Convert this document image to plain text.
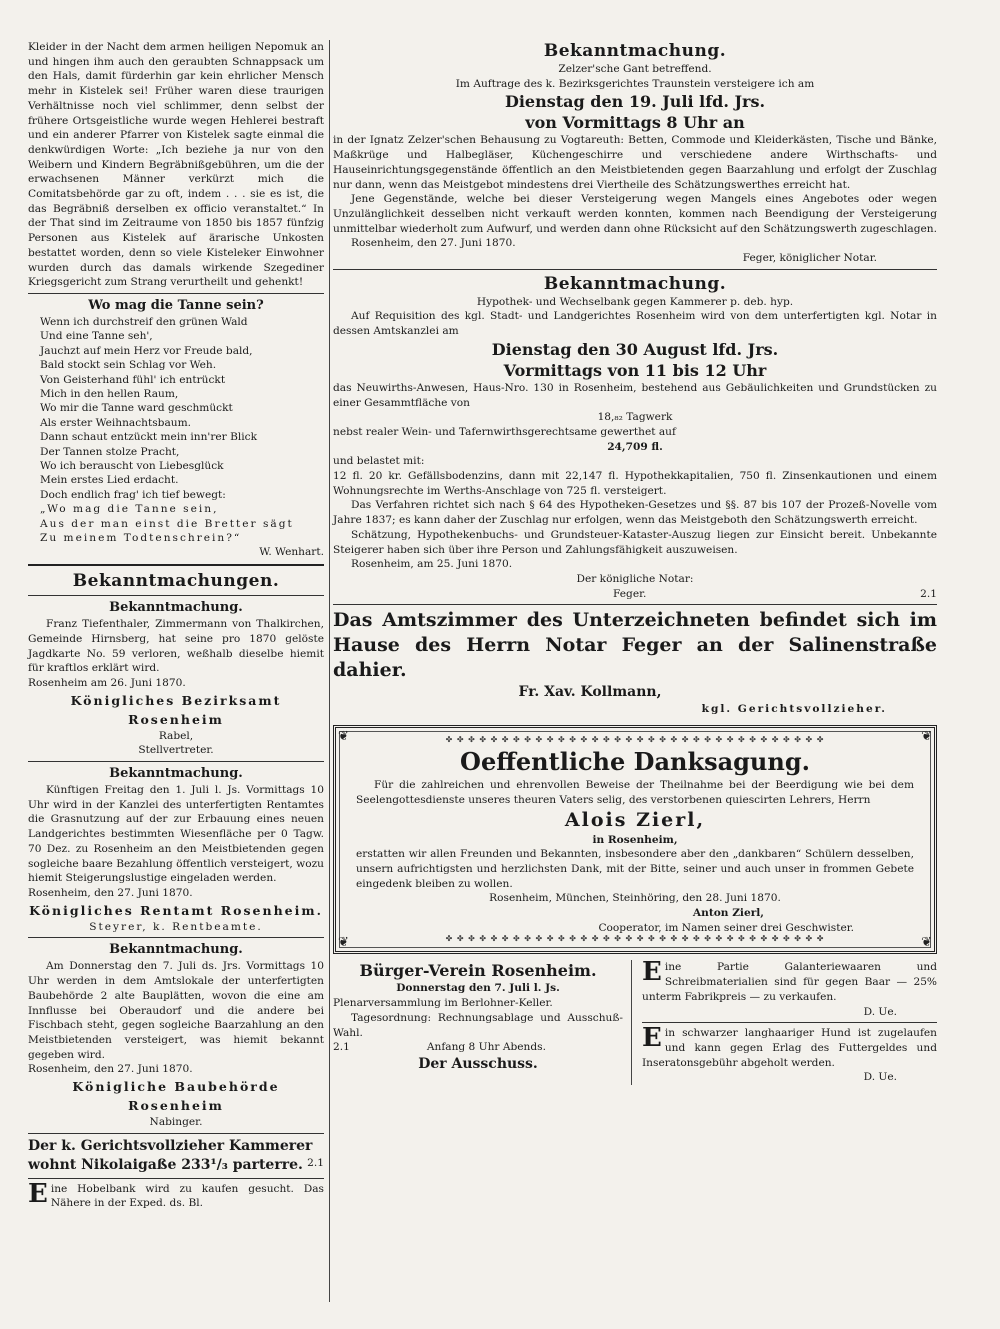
Kleider in der Nacht dem armen heiligen Nepomuk an und hingen ihm auch den geraubten Schnappsack um den Hals, damit fürderhin gar kein ehrlicher Mensch mehr in Kistelek sei! Früher waren diese traurigen Verhältnisse noch viel schlimmer, denn selbst der frühere Ortsgeistliche wurde wegen Hehlerei bestraft und ein anderer Pfarrer von Kistelek sagte einmal die denkwürdigen Worte: „Ich beziehe ja nur von den Weibern und Kindern Begräbnißgebühren, um die der erwachsenen Männer verkürzt mich die Comitatsbehörde gar zu oft, indem . . . sie es ist, die das Begräbniß derselben ex officio veranstaltet.“ In der That sind im Zeitraume von 1850 bis 1857 fünfzig Personen aus Kistelek auf ärarische Unkosten bestattet worden, denn so viele Kisteleker Einwohner wurden durch das damals wirkende Szegediner Kriegsgericht zum Strang verurtheilt und gehenkt!

Wo mag die Tanne sein?

Wenn ich durchstreif den grünen Wald

Und eine Tanne seh',

Jauchzt auf mein Herz vor Freude bald,

Bald stockt sein Schlag vor Weh.

Von Geisterhand fühl' ich entrückt

Mich in den hellen Raum,

Wo mir die Tanne ward geschmückt

Als erster Weihnachtsbaum.

Dann schaut entzückt mein inn'rer Blick

Der Tannen stolze Pracht,

Wo ich berauscht von Liebesglück

Mein erstes Lied erdacht.

Doch endlich frag' ich tief bewegt:

„Wo mag die Tanne sein,

Aus der man einst die Bretter sägt

Zu meinem Todtenschrein?“

W. Wenhart.

Bekanntmachungen.

Bekanntmachung.

Franz Tiefenthaler, Zimmermann von Thalkirchen, Gemeinde Hirnsberg, hat seine pro 1870 gelöste Jagdkarte No. 59 verloren, weßhalb dieselbe hiemit für kraftlos erklärt wird.

Rosenheim am 26. Juni 1870.

Königliches Bezirksamt Rosenheim

Rabel,

Stellvertreter.

Bekanntmachung.

Künftigen Freitag den 1. Juli l. Js. Vormittags 10 Uhr wird in der Kanzlei des unterfertigten Rentamtes die Grasnutzung auf der zur Erbauung eines neuen Landgerichtes bestimmten Wiesenfläche per 0 Tagw. 70 Dez. zu Rosenheim an den Meistbietenden gegen sogleiche baare Bezahlung öffentlich versteigert, wozu hiemit Steigerungslustige eingeladen werden.

Rosenheim, den 27. Juni 1870.

Königliches Rentamt Rosenheim.

Steyrer, k. Rentbeamte.

Bekanntmachung.

Am Donnerstag den 7. Juli ds. Jrs. Vormittags 10 Uhr werden in dem Amtslokale der unterfertigten Baubehörde 2 alte Bauplätten, wovon die eine am Innflusse bei Oberaudorf und die andere bei Fischbach steht, gegen sogleiche Baarzahlung an den Meistbietenden versteigert, was hiemit bekannt gegeben wird.

Rosenheim, den 27. Juni 1870.

Königliche Baubehörde Rosenheim

Nabinger.

Der k. Gerichtsvollzieher Kammerer

wohnt Nikolaigaße 233¹/₃ parterre. 2.1

Eine Hobelbank wird zu kaufen gesucht. Das Nähere in der Exped. ds. Bl.

Bekanntmachung.

Zelzer'sche Gant betreffend.

Im Auftrage des k. Bezirksgerichtes Traunstein versteigere ich am

Dienstag den 19. Juli lfd. Jrs.

von Vormittags 8 Uhr an

in der Ignatz Zelzer'schen Behausung zu Vogtareuth: Betten, Commode und Kleiderkästen, Tische und Bänke, Maßkrüge und Halbegläser, Küchengeschirre und verschiedene andere Wirthschafts- und Hauseinrichtungsgegenstände öffentlich an den Meistbietenden gegen Baarzahlung und erfolgt der Zuschlag nur dann, wenn das Meistgebot mindestens drei Viertheile des Schätzungswerthes erreicht hat.

Jene Gegenstände, welche bei dieser Versteigerung wegen Mangels eines Angebotes oder wegen Unzulänglichkeit desselben nicht verkauft werden konnten, kommen nach Beendigung der Versteigerung unmittelbar wiederholt zum Aufwurf, und werden dann ohne Rücksicht auf den Schätzungswerth zugeschlagen.

Rosenheim, den 27. Juni 1870.

Feger, königlicher Notar.

Bekanntmachung.

Hypothek- und Wechselbank gegen Kammerer p. deb. hyp.

Auf Requisition des kgl. Stadt- und Landgerichtes Rosenheim wird von dem unterfertigten kgl. Notar in dessen Amtskanzlei am

Dienstag den 30 August lfd. Jrs.

Vormittags von 11 bis 12 Uhr

das Neuwirths-Anwesen, Haus-Nro. 130 in Rosenheim, bestehend aus Gebäulichkeiten und Grundstücken zu einer Gesammtfläche von

18,₈₂ Tagwerk

nebst realer Wein- und Tafernwirthsgerechtsame gewerthet auf

24,709 fl.

und belastet mit:

12 fl. 20 kr. Gefällsbodenzins, dann mit 22,147 fl. Hypothekkapitalien, 750 fl. Zinsenkautionen und einem Wohnungsrechte im Werths-Anschlage von 725 fl. versteigert.

Das Verfahren richtet sich nach § 64 des Hypotheken-Gesetzes und §§. 87 bis 107 der Prozeß-Novelle vom Jahre 1837; es kann daher der Zuschlag nur erfolgen, wenn das Meistgeboth den Schätzungswerth erreicht.

Schätzung, Hypothekenbuchs- und Grundsteuer-Kataster-Auszug liegen zur Einsicht bereit. Unbekannte Steigerer haben sich über ihre Person und Zahlungsfähigkeit auszuweisen.

Rosenheim, am 25. Juni 1870.

Der königliche Notar:

Feger.	2.1

Das Amtszimmer des Unterzeichneten befindet sich im Hause des Herrn Notar Feger an der Salinenstraße dahier.

Fr. Xav. Kollmann,

kgl. Gerichtsvollzieher.

❦	❦
❦	❦
✤ ✤ ✤ ✤ ✤ ✤ ✤ ✤ ✤ ✤ ✤ ✤ ✤ ✤ ✤ ✤ ✤ ✤ ✤ ✤ ✤ ✤ ✤ ✤ ✤ ✤ ✤ ✤ ✤ ✤ ✤ ✤ ✤ ✤

Oeffentliche Danksagung.

Für die zahlreichen und ehrenvollen Beweise der Theilnahme bei der Beerdigung wie bei dem Seelengottesdienste unseres theuren Vaters selig, des verstorbenen quiescirten Lehrers, Herrn

Alois Zierl,

in Rosenheim,

erstatten wir allen Freunden und Bekannten, insbesondere aber den „dankbaren“ Schülern desselben, unsern aufrichtigsten und herzlichsten Dank, mit der Bitte, seiner und auch unser in frommen Gebete eingedenk bleiben zu wollen.

Rosenheim, München, Steinhöring, den 28. Juni 1870.

Anton Zierl,

Cooperator, im Namen seiner drei Geschwister.

✤ ✤ ✤ ✤ ✤ ✤ ✤ ✤ ✤ ✤ ✤ ✤ ✤ ✤ ✤ ✤ ✤ ✤ ✤ ✤ ✤ ✤ ✤ ✤ ✤ ✤ ✤ ✤ ✤ ✤ ✤ ✤ ✤ ✤

Bürger-Verein Rosenheim.

Donnerstag den 7. Juli l. Js.

Plenarversammlung im Berlohner-Keller.

Tagesordnung: Rechnungsablage und Ausschuß-Wahl.

2.1	Anfang 8 Uhr Abends.

Der Ausschuss.

Eine Partie Galanteriewaaren und Schreibmaterialien sind für gegen Baar — 25% unterm Fabrikpreis — zu verkaufen.

D. Ue.

Ein schwarzer langhaariger Hund ist zugelaufen und kann gegen Erlag des Futtergeldes und Inseratonsgebühr abgeholt werden.

D. Ue.
